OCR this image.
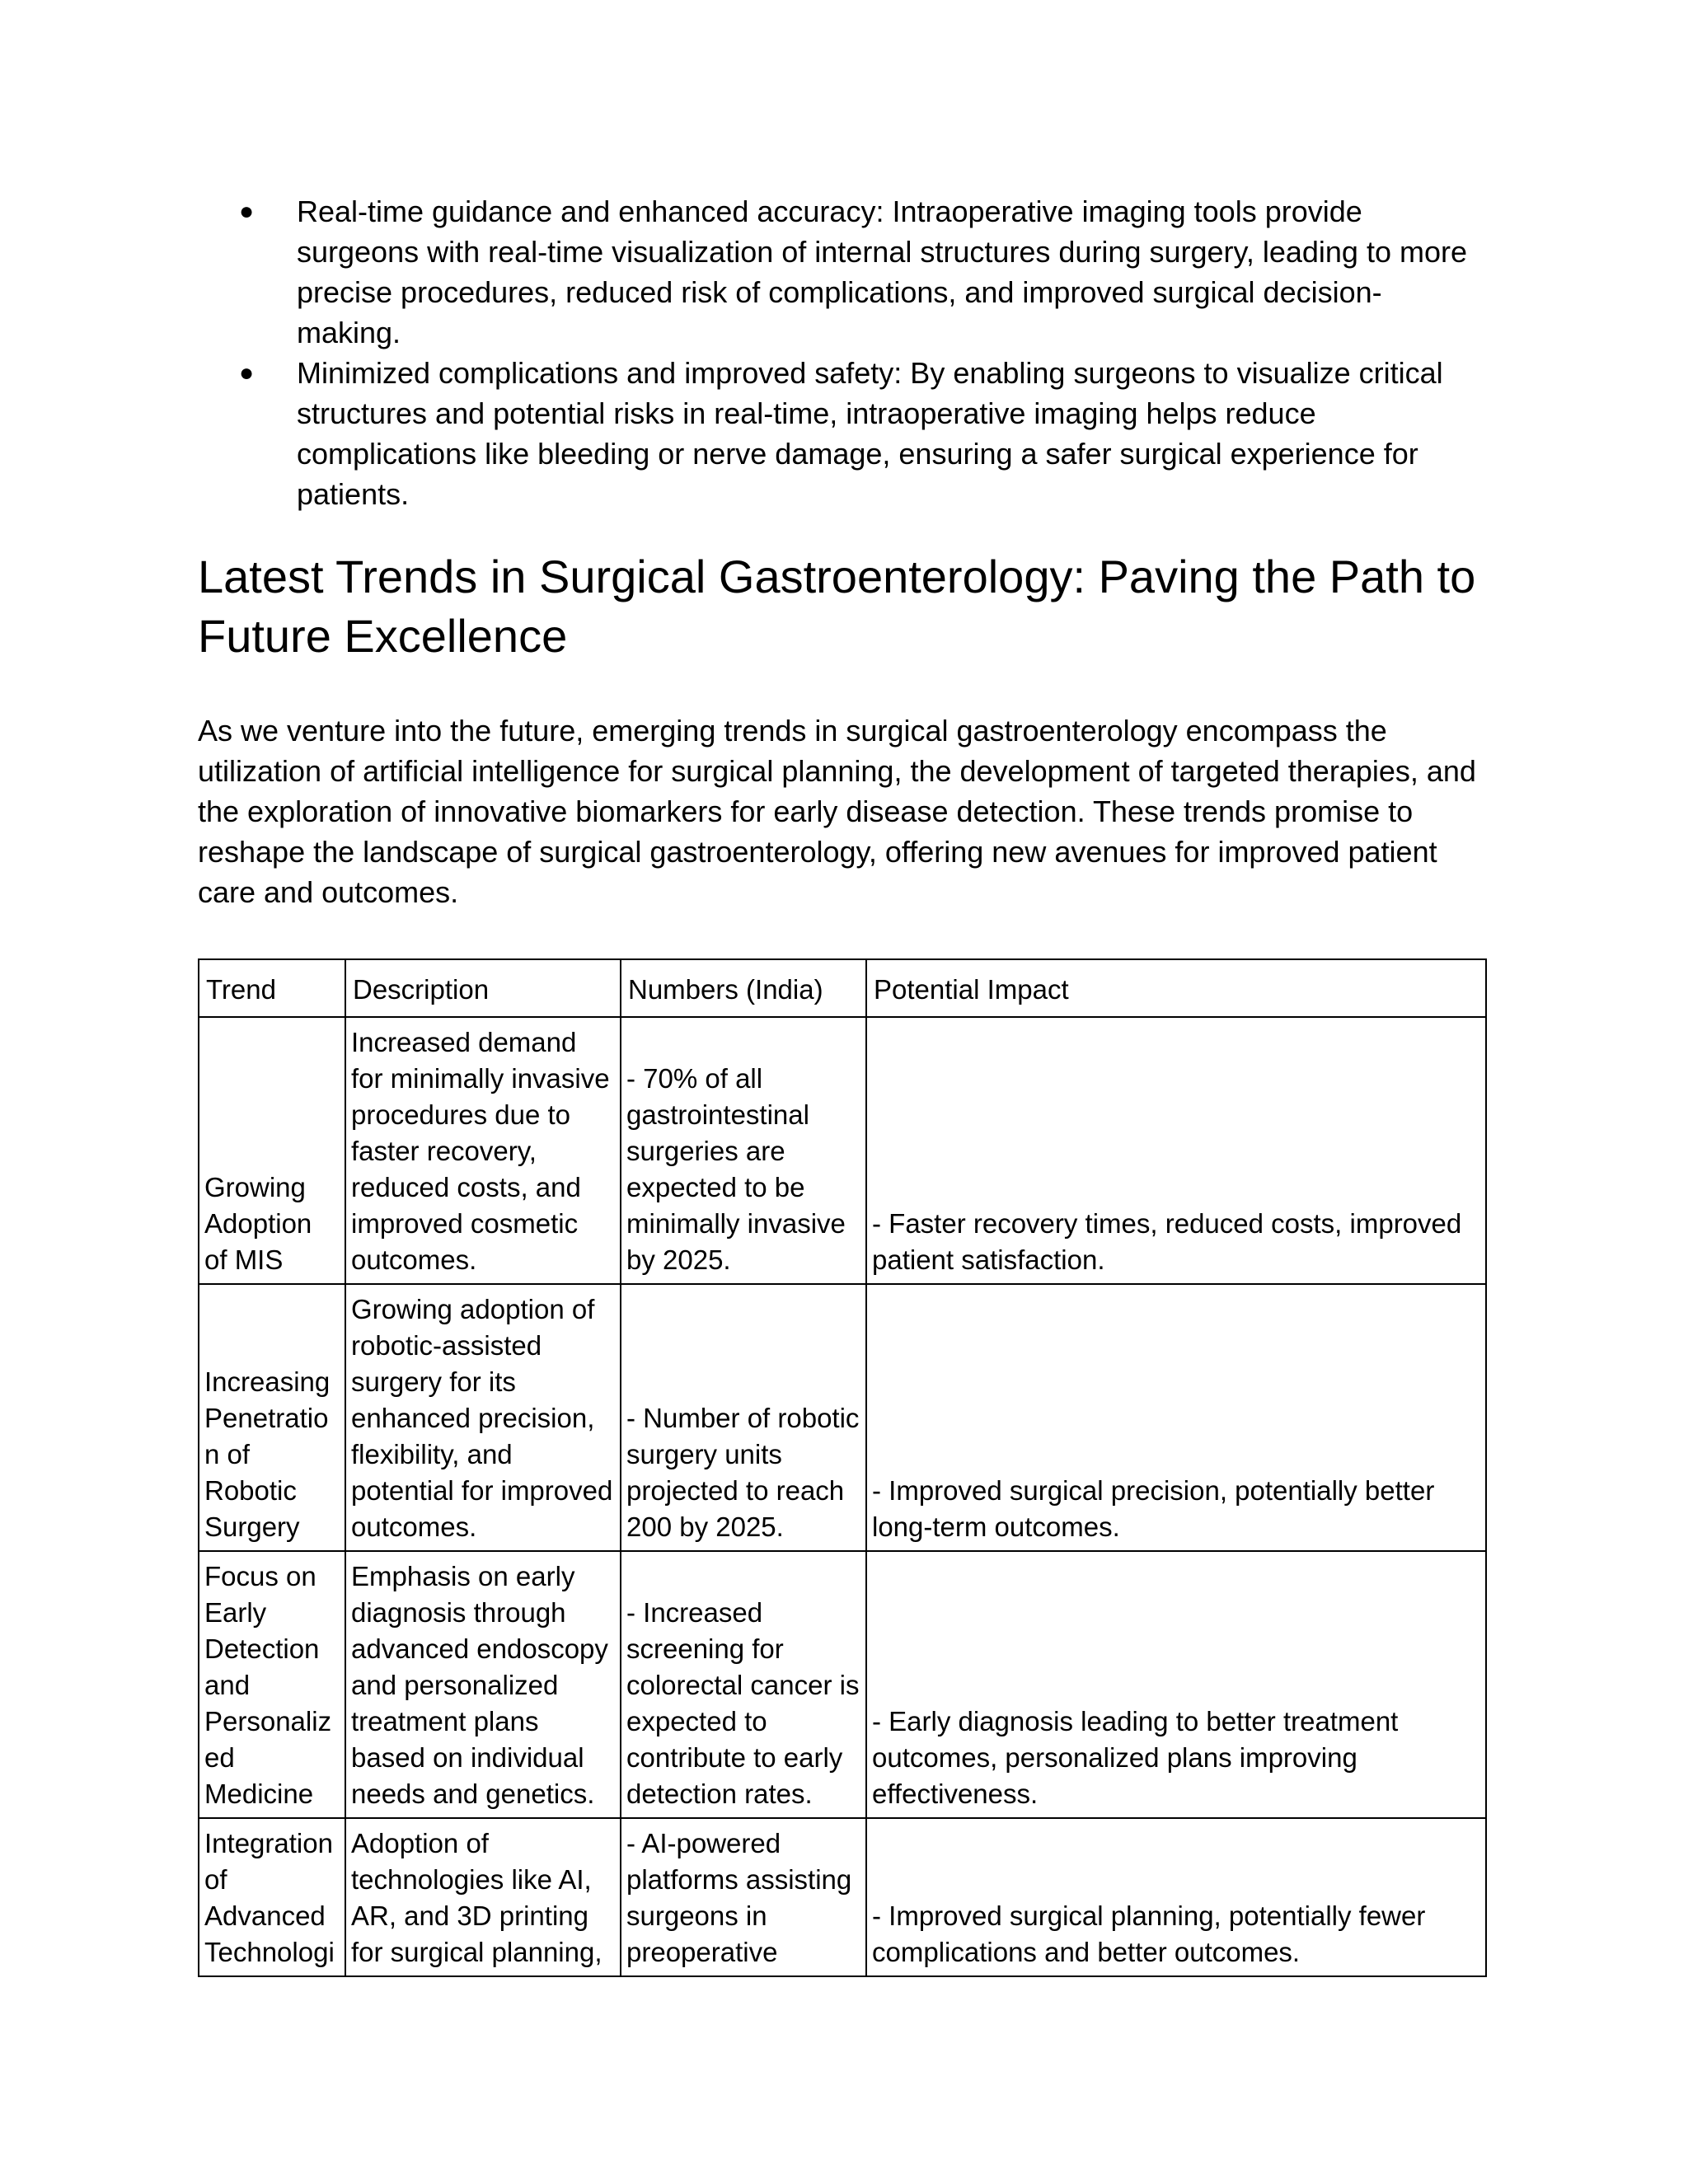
● Real-time guidance and enhanced accuracy: Intraoperative imaging tools provide surgeons with real-time visualization of internal structures during surgery, leading to more precise procedures, reduced risk of complications, and improved surgical decision-making.
● Minimized complications and improved safety: By enabling surgeons to visualize critical structures and potential risks in real-time, intraoperative imaging helps reduce complications like bleeding or nerve damage, ensuring a safer surgical experience for patients.
Latest Trends in Surgical Gastroenterology: Paving the Path to Future Excellence

As we venture into the future, emerging trends in surgical gastroenterology encompass the utilization of artificial intelligence for surgical planning, the development of targeted therapies, and the exploration of innovative biomarkers for early disease detection. These trends promise to reshape the landscape of surgical gastroenterology, offering new avenues for improved patient care and outcomes.

Trend	Description	Numbers (India)	Potential Impact
Growing Adoption of MIS	Increased demand for minimally invasive procedures due to faster recovery, reduced costs, and improved cosmetic outcomes.	- 70% of all gastrointestinal surgeries are expected to be minimally invasive by 2025.	- Faster recovery times, reduced costs, improved patient satisfaction.
Increasing Penetration of Robotic Surgery	Growing adoption of robotic-assisted surgery for its enhanced precision, flexibility, and potential for improved outcomes.	- Number of robotic surgery units projected to reach 200 by 2025.	- Improved surgical precision, potentially better long-term outcomes.
Focus on Early Detection and Personalized Medicine	Emphasis on early diagnosis through advanced endoscopy and personalized treatment plans based on individual needs and genetics.	- Increased screening for colorectal cancer is expected to contribute to early detection rates.	- Early diagnosis leading to better treatment outcomes, personalized plans improving effectiveness.
Integration of Advanced Technologi	Adoption of technologies like AI, AR, and 3D printing for surgical planning,	- AI-powered platforms assisting surgeons in preoperative	- Improved surgical planning, potentially fewer complications and better outcomes.
